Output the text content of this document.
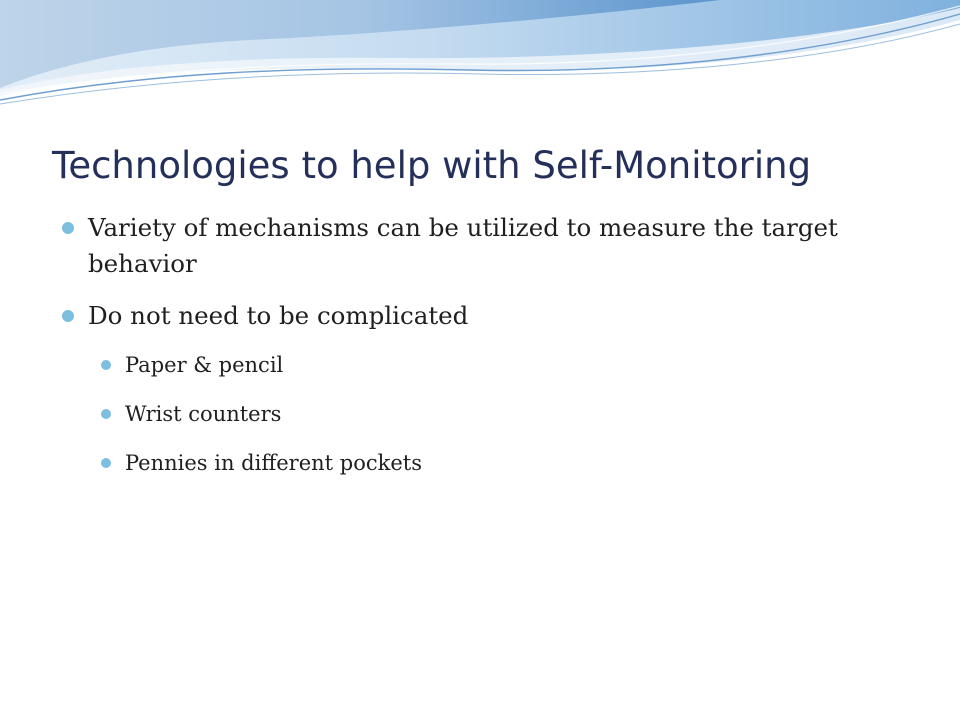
Technologies to help with Self-Monitoring
Variety of mechanisms can be utilized to measure the target behavior
Do not need to be complicated
Paper & pencil
Wrist counters
Pennies in different pockets
